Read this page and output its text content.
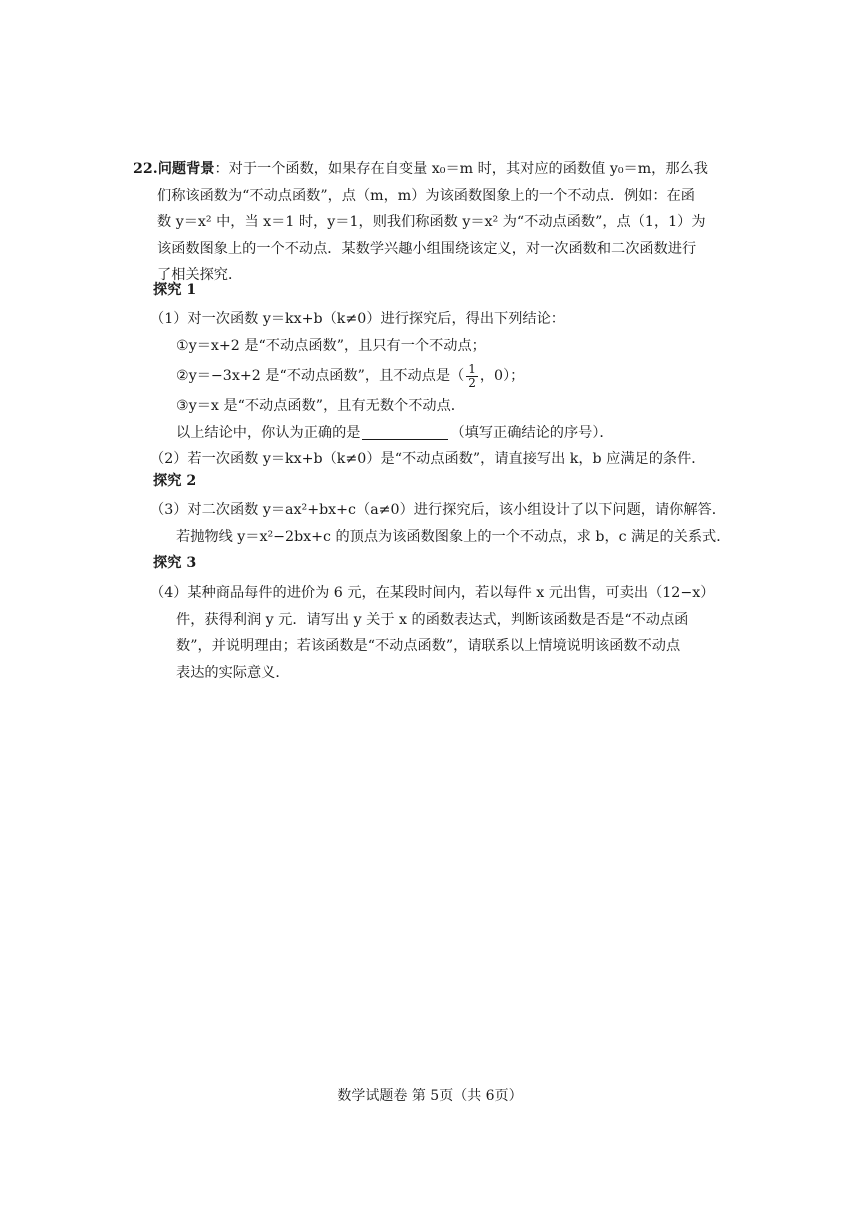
22.问题背景：对于一个函数，如果存在自变量 x₀＝m 时，其对应的函数值 y₀＝m，那么我
们称该函数为“不动点函数”，点（m，m）为该函数图象上的一个不动点．例如：在函
数 y＝x² 中，当 x＝1 时，y＝1，则我们称函数 y＝x² 为“不动点函数”，点（1，1）为
该函数图象上的一个不动点．某数学兴趣小组围绕该定义，对一次函数和二次函数进行
了相关探究．
探究 1
（1）对一次函数 y＝kx+b（k≠0）进行探究后，得出下列结论：
①y＝x+2 是“不动点函数”，且只有一个不动点；
②y＝−3x+2 是“不动点函数”，且不动点是（ $\frac{1}{2}$ ，0）；
③y＝x 是“不动点函数”，且有无数个不动点．
以上结论中，你认为正确的是	（填写正确结论的序号）．
（2）若一次函数 y＝kx+b（k≠0）是“不动点函数”，请直接写出 k，b 应满足的条件．
探究 2
（3）对二次函数 y＝ax²+bx+c（a≠0）进行探究后，该小组设计了以下问题，请你解答．
若抛物线 y＝x²−2bx+c 的顶点为该函数图象上的一个不动点，求 b，c 满足的关系式．
探究 3
（4）某种商品每件的进价为 6 元，在某段时间内，若以每件 x 元出售，可卖出（12−x）
件，获得利润 y 元．请写出 y 关于 x 的函数表达式，判断该函数是否是“不动点函
数”，并说明理由；若该函数是“不动点函数”，请联系以上情境说明该函数不动点
表达的实际意义．
数学试题卷 第 5页（共 6页）
